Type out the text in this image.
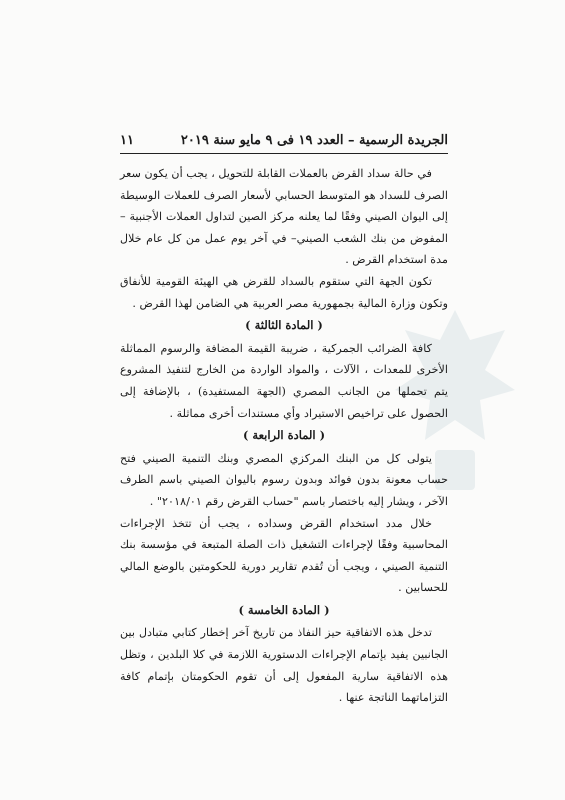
الجريدة الرسمية – العدد ١٩ فى ٩ مايو سنة ٢٠١٩
١١

في حالة سداد القرض بالعملات القابلة للتحويل ، يجب أن يكون سعر الصرف للسداد هو المتوسط الحسابي لأسعار الصرف للعملات الوسيطة إلى اليوان الصيني وفقًا لما يعلنه مركز الصين لتداول العملات الأجنبية – المفوض من بنك الشعب الصيني– في آخر يوم عمل من كل عام خلال مدة استخدام القرض .

تكون الجهة التي ستقوم بالسداد للقرض هي الهيئة القومية للأنفاق وتكون وزارة المالية بجمهورية مصر العربية هي الضامن لهذا القرض .

( المادة الثالثة )

كافة الضرائب الجمركية ، ضريبة القيمة المضافة والرسوم المماثلة الأخرى للمعدات ، الآلات ، والمواد الواردة من الخارج لتنفيذ المشروع يتم تحملها من الجانب المصري (الجهة المستفيدة) ، بالإضافة إلى الحصول على تراخيص الاستيراد وأي مستندات أخرى مماثلة .

( المادة الرابعة )

يتولى كل من البنك المركزي المصري وبنك التنمية الصيني فتح حساب معونة بدون فوائد وبدون رسوم باليوان الصيني باسم الطرف الآخر ، ويشار إليه باختصار باسم "حساب القرض رقم ٢٠١٨/٠١" .

خلال مدد استخدام القرض وسداده ، يجب أن تتخذ الإجراءات المحاسبية وفقًا لإجراءات التشغيل ذات الصلة المتبعة في مؤسسة بنك التنمية الصيني ، ويجب أن تُقدم تقارير دورية للحكومتين بالوضع المالي للحسابين .

( المادة الخامسة )

تدخل هذه الاتفاقية حيز النفاذ من تاريخ آخر إخطار كتابي متبادل بين الجانبين يفيد بإتمام الإجراءات الدستورية اللازمة في كلا البلدين ، وتظل هذه الاتفاقية سارية المفعول إلى أن تقوم الحكومتان بإتمام كافة التزاماتهما الناتجة عنها .
